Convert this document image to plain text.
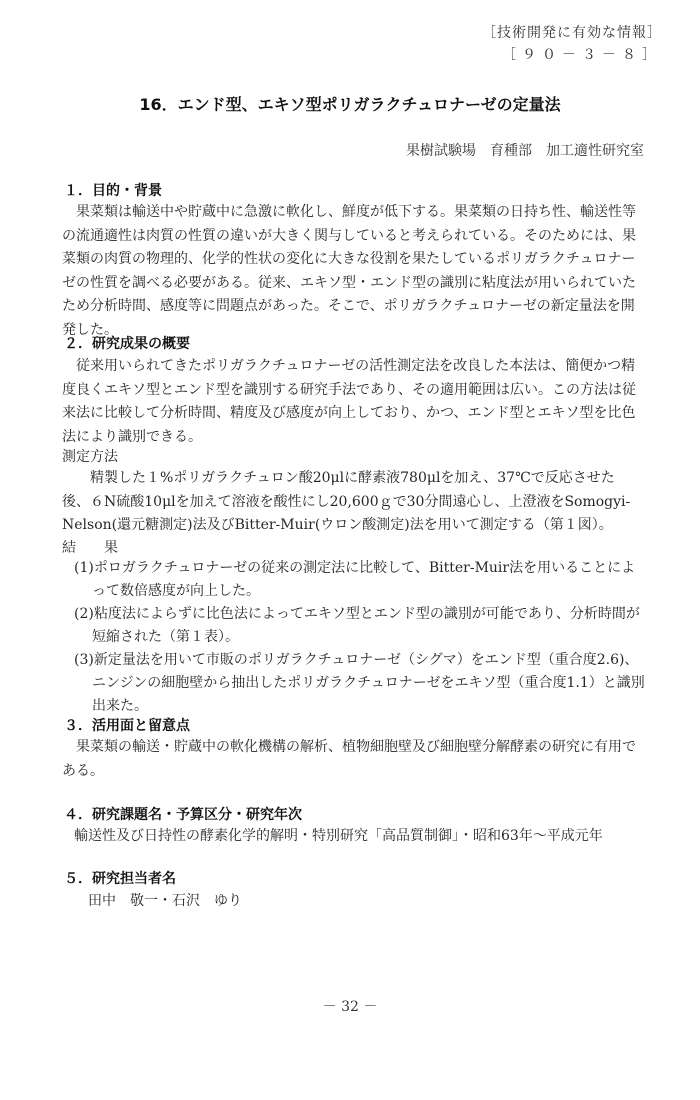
［技術開発に有効な情報］
［９０－３－８］
16．エンド型、エキソ型ポリガラクチュロナーゼの定量法
果樹試験場　育種部　加工適性研究室
１．目的・背景
果菜類は輸送中や貯蔵中に急激に軟化し、鮮度が低下する。果菜類の日持ち性、輸送性等の流通適性は肉質の性質の違いが大きく関与していると考えられている。そのためには、果菜類の肉質の物理的、化学的性状の変化に大きな役割を果たしているポリガラクチュロナーゼの性質を調べる必要がある。従来、エキソ型・エンド型の識別に粘度法が用いられていたため分析時間、感度等に問題点があった。そこで、ポリガラクチュロナーゼの新定量法を開発した。
２．研究成果の概要
従来用いられてきたポリガラクチュロナーゼの活性測定法を改良した本法は、簡便かつ精度良くエキソ型とエンド型を識別する研究手法であり、その適用範囲は広い。この方法は従来法に比較して分析時間、精度及び感度が向上しており、かつ、エンド型とエキソ型を比色法により識別できる。
測定方法
精製した１%ポリガラクチュロン酸20μlに酵素液780μlを加え、37℃で反応させた後、６N硫酸10μlを加えて溶液を酸性にし20,600ｇで30分間遠心し、上澄液をSomogyi-Nelson(還元糖測定)法及びBitter-Muir(ウロン酸測定)法を用いて測定する（第１図）。
結　　果
(1)ポロガラクチュロナーゼの従来の測定法に比較して、Bitter-Muir法を用いることによって数倍感度が向上した。
(2)粘度法によらずに比色法によってエキソ型とエンド型の識別が可能であり、分析時間が短縮された（第１表）。
(3)新定量法を用いて市販のポリガラクチュロナーゼ（シグマ）をエンド型（重合度2.6)、ニンジンの細胞壁から抽出したポリガラクチュロナーゼをエキソ型（重合度1.1）と識別出来た。
３．活用面と留意点
果菜類の輸送・貯蔵中の軟化機構の解析、植物細胞壁及び細胞壁分解酵素の研究に有用である。
４．研究課題名・予算区分・研究年次
輸送性及び日持性の酵素化学的解明・特別研究「高品質制御」・昭和63年～平成元年
５．研究担当者名
田中　敬一・石沢　ゆり
－ 32 －
